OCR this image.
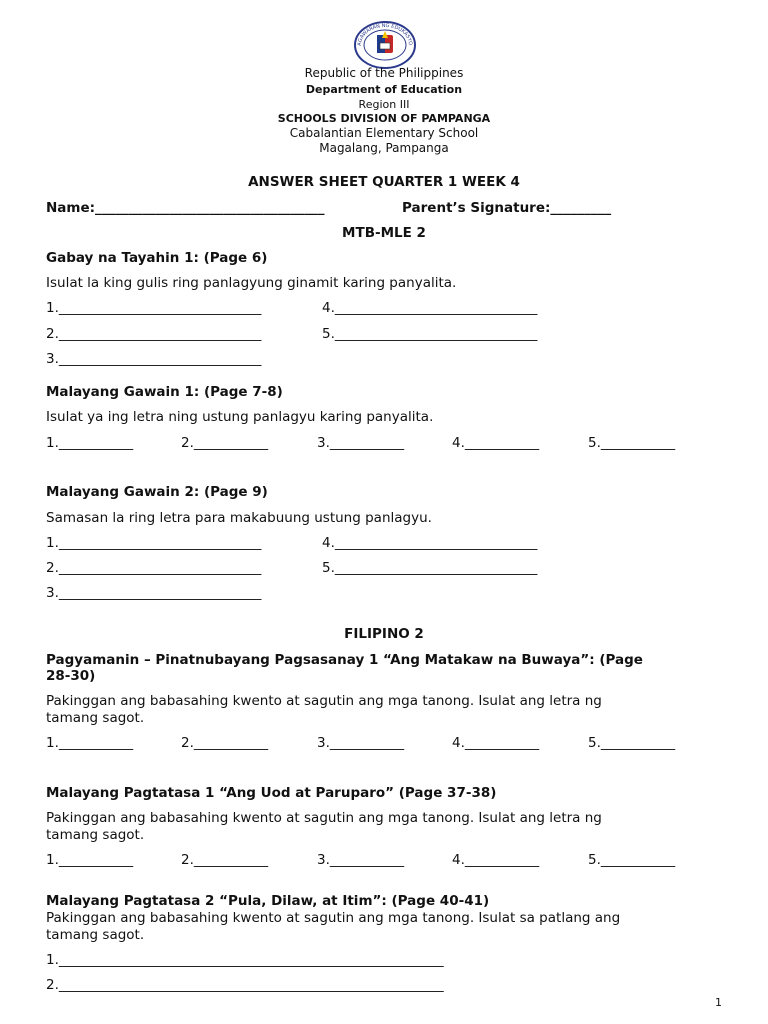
AGAWARAN NG EDUKASYO
Republic of the Philippines
Department of Education
Region III
SCHOOLS DIVISION OF PAMPANGA
Cabalantian Elementary School
Magalang, Pampanga
ANSWER SHEET QUARTER 1 WEEK 4
Name:__________________________________	Parent’s Signature:_________
MTB-MLE 2
Gabay na Tayahin 1: (Page 6)
Isulat la king gulis ring panlagyung ginamit karing panyalita.
1.______________________________	4.______________________________
2.______________________________	5.______________________________
3.______________________________
Malayang Gawain 1: (Page 7-8)
Isulat ya ing letra ning ustung panlagyu karing panyalita.
1.___________	2.___________	3.___________	4.___________	5.___________
Malayang Gawain 2: (Page 9)
Samasan la ring letra para makabuung ustung panlagyu.
1.______________________________	4.______________________________
2.______________________________	5.______________________________
3.______________________________
FILIPINO 2
Pagyamanin – Pinatnubayang Pagsasanay 1 “Ang Matakaw na Buwaya”: (Page
28-30)
Pakinggan ang babasahing kwento at sagutin ang mga tanong. Isulat ang letra ng
tamang sagot.
1.___________	2.___________	3.___________	4.___________	5.___________
Malayang Pagtatasa 1 “Ang Uod at Paruparo” (Page 37-38)
Pakinggan ang babasahing kwento at sagutin ang mga tanong. Isulat ang letra ng
tamang sagot.
1.___________	2.___________	3.___________	4.___________	5.___________
Malayang Pagtatasa 2 “Pula, Dilaw, at Itim”: (Page 40-41)
Pakinggan ang babasahing kwento at sagutin ang mga tanong. Isulat sa patlang ang
tamang sagot.
1._________________________________________________________
2._________________________________________________________
1
